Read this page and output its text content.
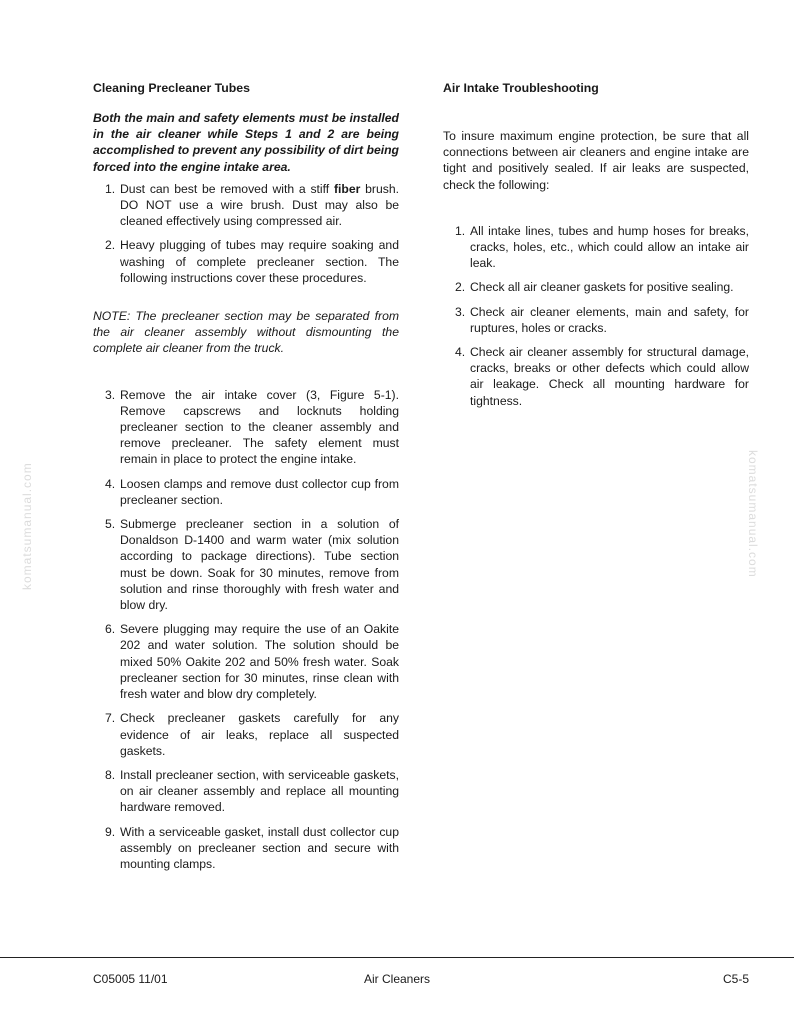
Cleaning Precleaner Tubes

Both the main and safety elements must be installed in the air cleaner while Steps 1 and 2 are being accomplished to prevent any possibility of dirt being forced into the engine intake area.

1. Dust can best be removed with a stiff fiber brush. DO NOT use a wire brush. Dust may also be cleaned effectively using compressed air.
2. Heavy plugging of tubes may require soaking and washing of complete precleaner section. The following instructions cover these procedures.

NOTE: The precleaner section may be separated from the air cleaner assembly without dismounting the complete air cleaner from the truck.

3. Remove the air intake cover (3, Figure 5-1). Remove capscrews and locknuts holding precleaner section to the cleaner assembly and remove precleaner. The safety element must remain in place to protect the engine intake.
4. Loosen clamps and remove dust collector cup from precleaner section.
5. Submerge precleaner section in a solution of Donaldson D-1400 and warm water (mix solution according to package directions). Tube section must be down. Soak for 30 minutes, remove from solution and rinse thoroughly with fresh water and blow dry.
6. Severe plugging may require the use of an Oakite 202 and water solution. The solution should be mixed 50% Oakite 202 and 50% fresh water. Soak precleaner section for 30 minutes, rinse clean with fresh water and blow dry completely.
7. Check precleaner gaskets carefully for any evidence of air leaks, replace all suspected gaskets.
8. Install precleaner section, with serviceable gaskets, on air cleaner assembly and replace all mounting hardware removed.
9. With a serviceable gasket, install dust collector cup assembly on precleaner section and secure with mounting clamps.
Air Intake Troubleshooting

To insure maximum engine protection, be sure that all connections between air cleaners and engine intake are tight and positively sealed. If air leaks are suspected, check the following:

1. All intake lines, tubes and hump hoses for breaks, cracks, holes, etc., which could allow an intake air leak.
2. Check all air cleaner gaskets for positive sealing.
3. Check air cleaner elements, main and safety, for ruptures, holes or cracks.
4. Check air cleaner assembly for structural damage, cracks, breaks or other defects which could allow air leakage. Check all mounting hardware for tightness.
komatsumanual.com	komatsumanual.com
C05005 11/01	Air Cleaners	C5-5
